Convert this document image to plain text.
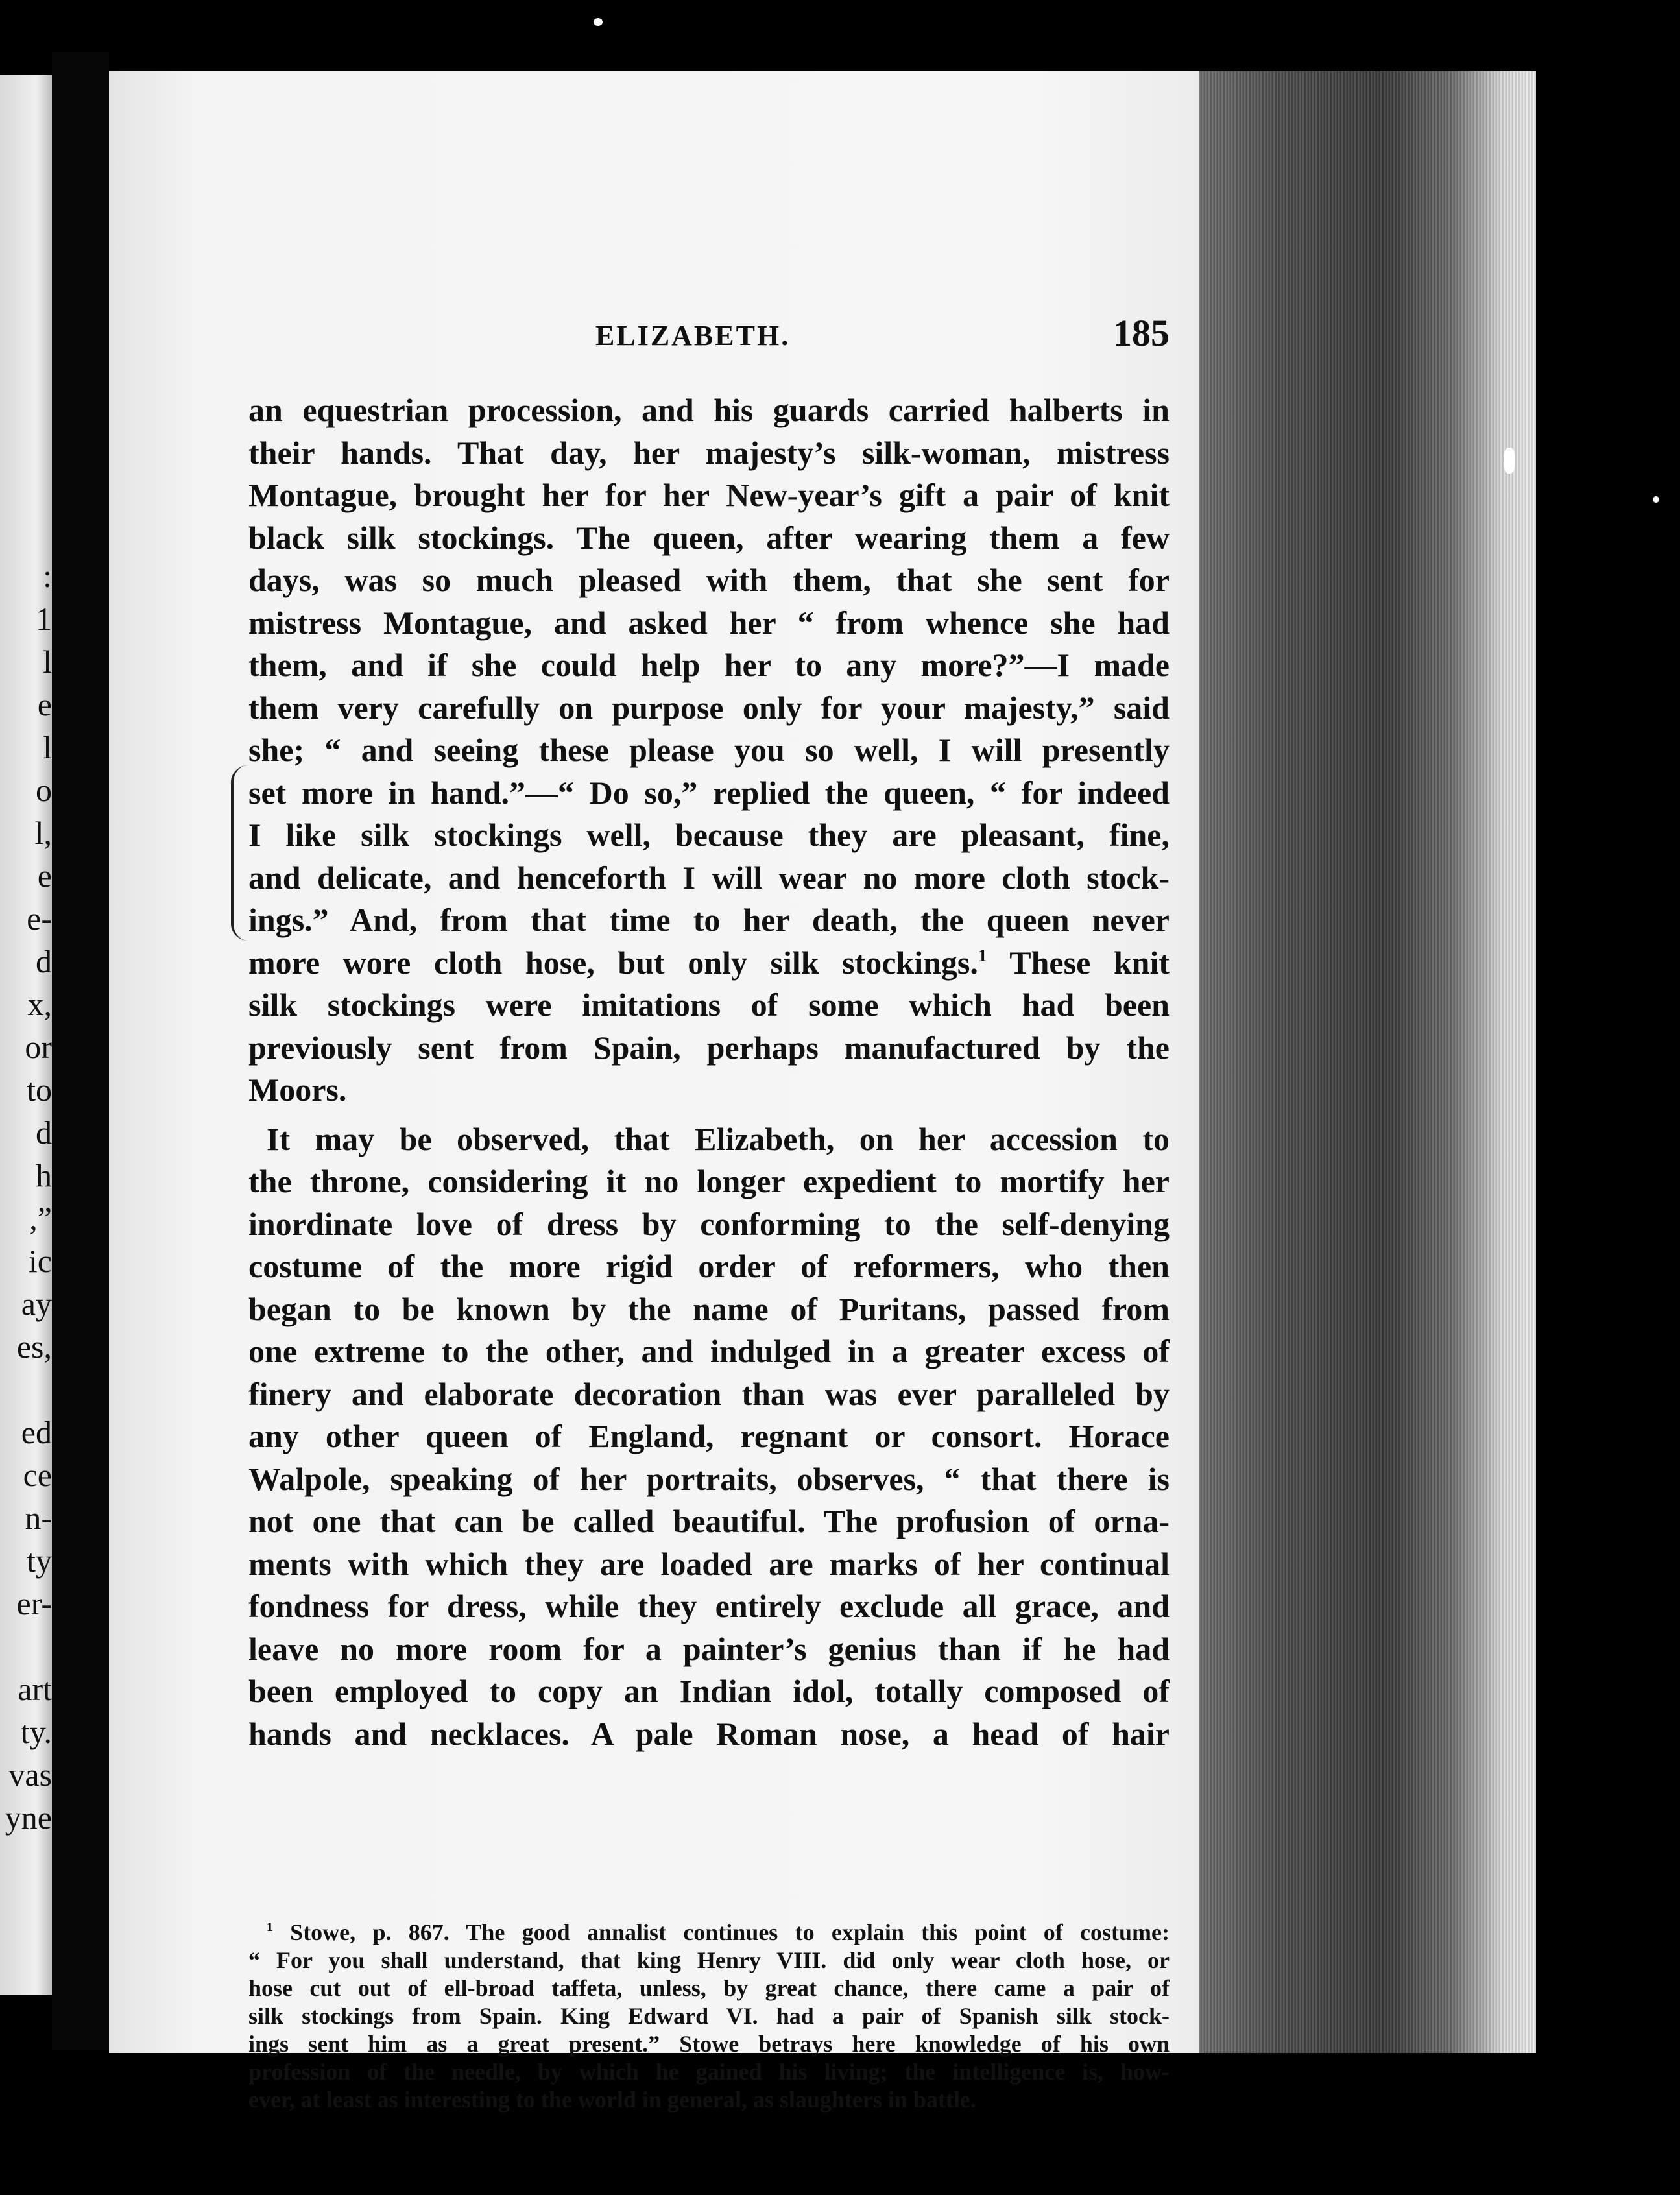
:
1
l
e
l
o
l,
e
e-
d
x,
or
to
d
h
,”
ic
ay
es,
ed
ce
n-
ty
er-
art
ty.
vas
yne
ELIZABETH.	185
an equestrian procession, and his guards carried halberts in
their hands. That day, her majesty’s silk-woman, mistress
Montague, brought her for her New-year’s gift a pair of knit
black silk stockings. The queen, after wearing them a few
days, was so much pleased with them, that she sent for
mistress Montague, and asked her “ from whence she had
them, and if she could help her to any more?”—I made
them very carefully on purpose only for your majesty,” said
she; “ and seeing these please you so well, I will presently
set more in hand.”—“ Do so,” replied the queen, “ for indeed
I like silk stockings well, because they are pleasant, fine,
and delicate, and henceforth I will wear no more cloth stock-
ings.” And, from that time to her death, the queen never
more wore cloth hose, but only silk stockings.$^1$ These knit
silk stockings were imitations of some which had been
previously sent from Spain, perhaps manufactured by the
Moors.
It may be observed, that Elizabeth, on her accession to
the throne, considering it no longer expedient to mortify her
inordinate love of dress by conforming to the self-denying
costume of the more rigid order of reformers, who then
began to be known by the name of Puritans, passed from
one extreme to the other, and indulged in a greater excess of
finery and elaborate decoration than was ever paralleled by
any other queen of England, regnant or consort. Horace
Walpole, speaking of her portraits, observes, “ that there is
not one that can be called beautiful. The profusion of orna-
ments with which they are loaded are marks of her continual
fondness for dress, while they entirely exclude all grace, and
leave no more room for a painter’s genius than if he had
been employed to copy an Indian idol, totally composed of
hands and necklaces. A pale Roman nose, a head of hair
$^1$ Stowe, p. 867. The good annalist continues to explain this point of costume:
“ For you shall understand, that king Henry VIII. did only wear cloth hose, or
hose cut out of ell-broad taffeta, unless, by great chance, there came a pair of
silk stockings from Spain. King Edward VI. had a pair of Spanish silk stock-
ings sent him as a great present.” Stowe betrays here knowledge of his own
profession of the needle, by which he gained his living; the intelligence is, how-
ever, at least as interesting to the world in general, as slaughters in battle.
